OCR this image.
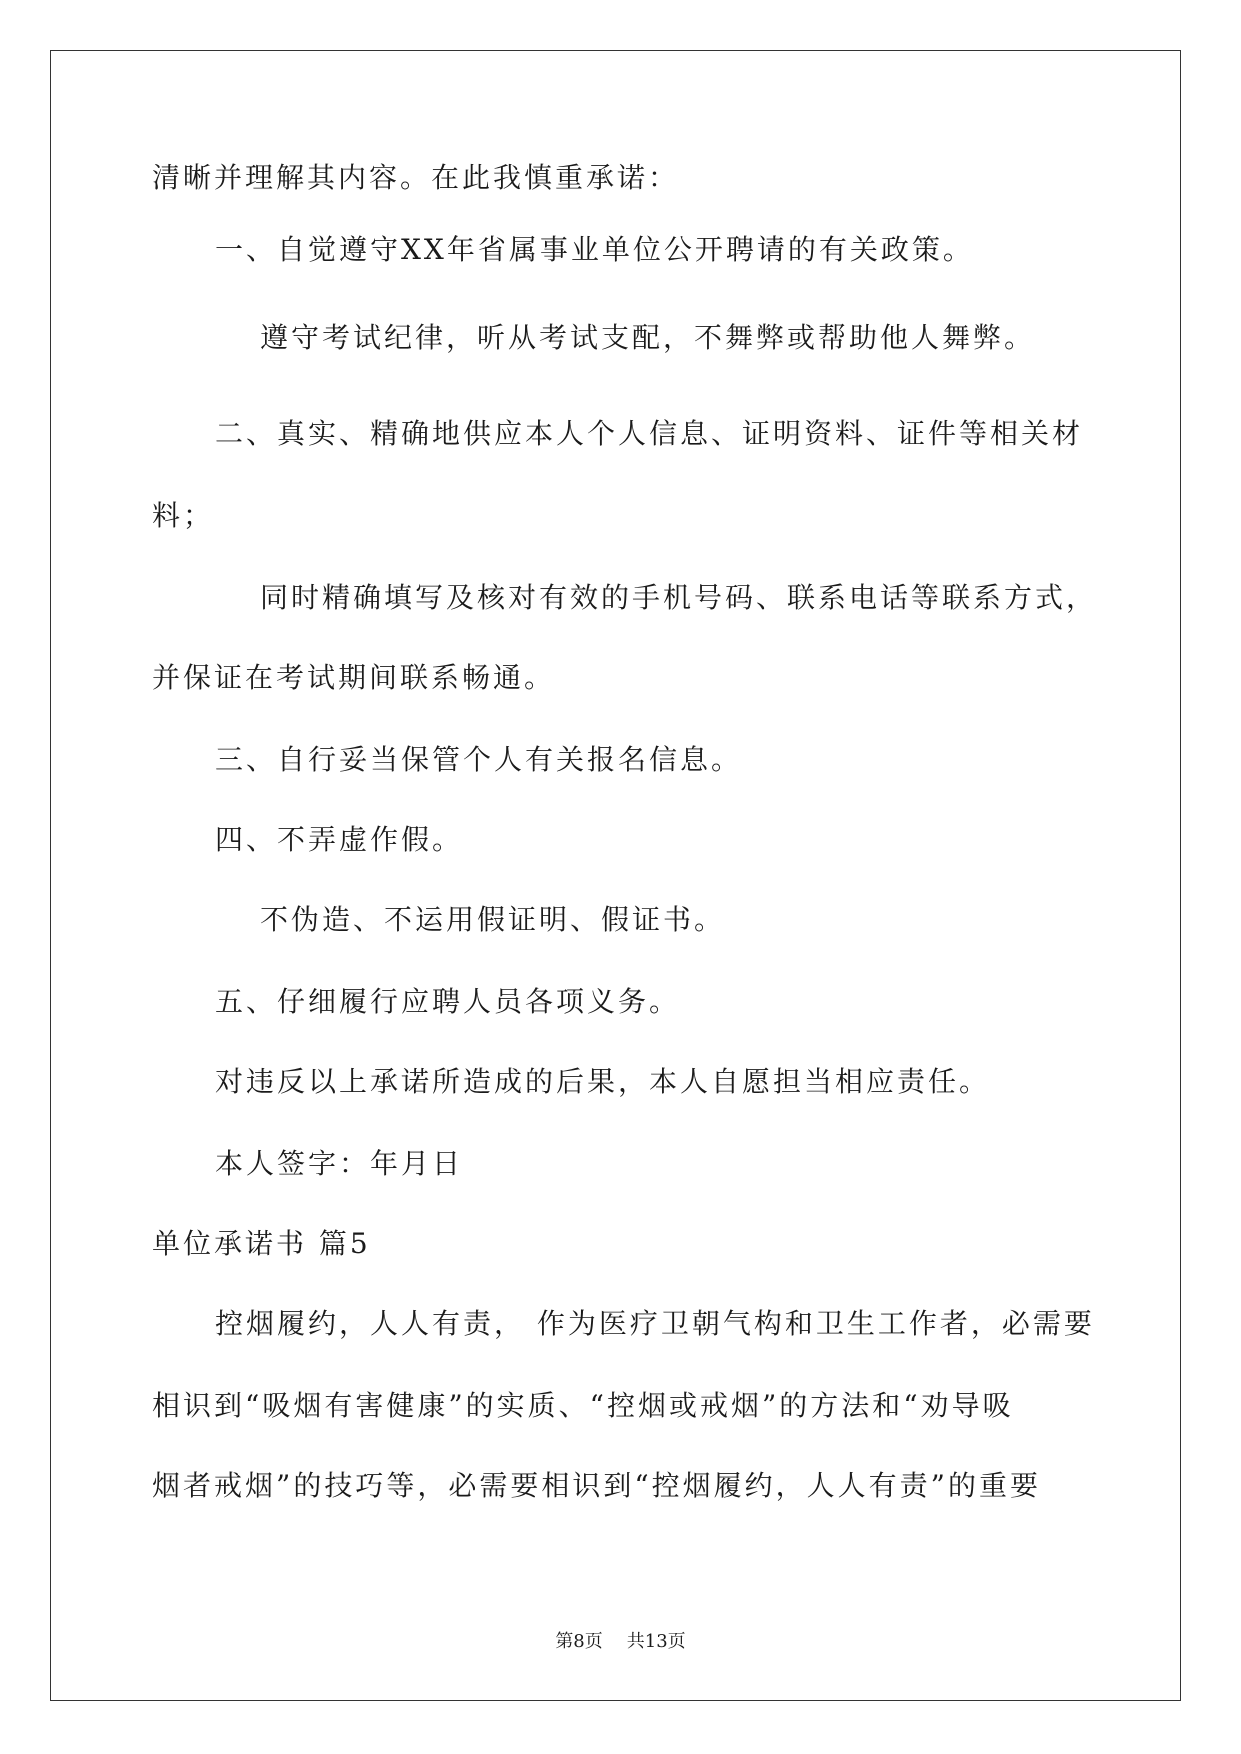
清晰并理解其内容。在此我慎重承诺：
一、自觉遵守XX年省属事业单位公开聘请的有关政策。
遵守考试纪律，听从考试支配，不舞弊或帮助他人舞弊。
二、真实、精确地供应本人个人信息、证明资料、证件等相关材
料；
同时精确填写及核对有效的手机号码、联系电话等联系方式，
并保证在考试期间联系畅通。
三、自行妥当保管个人有关报名信息。
四、不弄虚作假。
不伪造、不运用假证明、假证书。
五、仔细履行应聘人员各项义务。
对违反以上承诺所造成的后果，本人自愿担当相应责任。
本人签字：年月日
单位承诺书 篇5
控烟履约，人人有责， 作为医疗卫朝气构和卫生工作者，必需要
相识到“吸烟有害健康”的实质、“控烟或戒烟”的方法和“劝导吸
烟者戒烟”的技巧等，必需要相识到“控烟履约，人人有责”的重要
第8页 共13页
